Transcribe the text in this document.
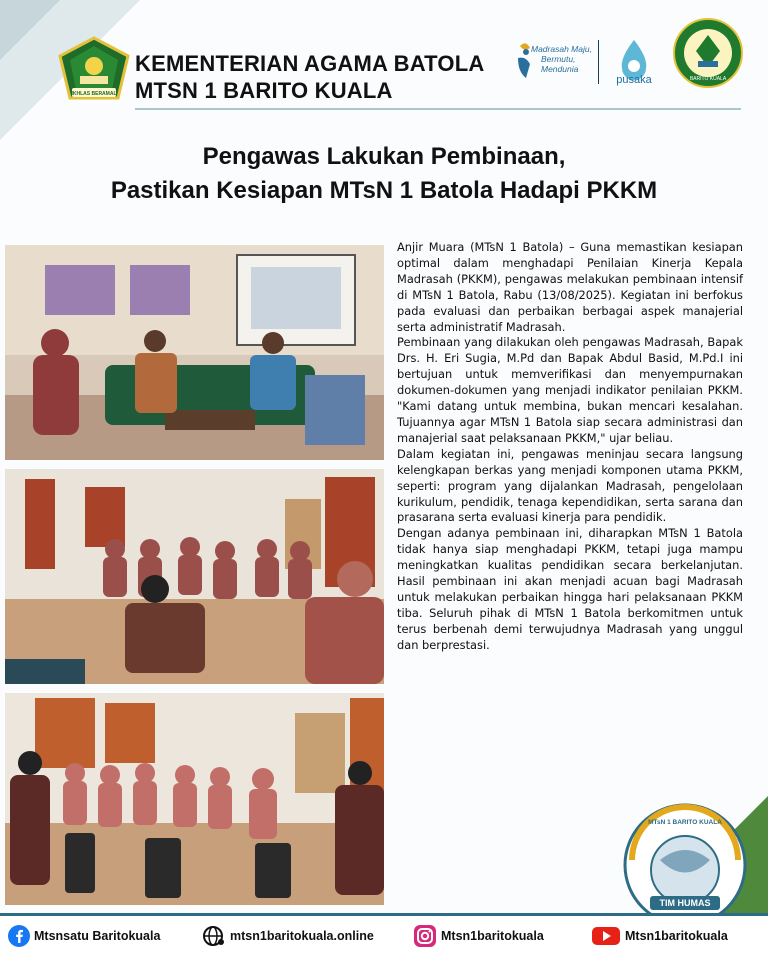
IKHLAS BERAMAL
KEMENTERIAN AGAMA BATOLA
MTSN 1 BARITO KUALA
Madrasah Maju,
Bermutu,
Mendunia
pusaka	BARITO KUALA
Pengawas Lakukan Pembinaan,
Pastikan Kesiapan MTsN 1 Batola Hadapi PKKM

Anjir Muara (MTsN 1 Batola) – Guna memastikan kesiapan optimal dalam menghadapi Penilaian Kinerja Kepala Madrasah (PKKM), pengawas melakukan pembinaan intensif di MTsN 1 Batola, Rabu (13/08/2025). Kegiatan ini berfokus pada evaluasi dan perbaikan berbagai aspek manajerial serta administratif Madrasah.

Pembinaan yang dilakukan oleh pengawas Madrasah, Bapak Drs. H. Eri Sugia, M.Pd dan Bapak Abdul Basid, M.Pd.I ini bertujuan untuk memverifikasi dan menyempurnakan dokumen-dokumen yang menjadi indikator penilaian PKKM. "Kami datang untuk membina, bukan mencari kesalahan. Tujuannya agar MTsN 1 Batola siap secara administrasi dan manajerial saat pelaksanaan PKKM," ujar beliau.

Dalam kegiatan ini, pengawas meninjau secara langsung kelengkapan berkas yang menjadi komponen utama PKKM, seperti: program yang dijalankan Madrasah, pengelolaan kurikulum, pendidik, tenaga kependidikan, serta sarana dan prasarana serta evaluasi kinerja para pendidik.

Dengan adanya pembinaan ini, diharapkan MTsN 1 Batola tidak hanya siap menghadapi PKKM, tetapi juga mampu meningkatkan kualitas pendidikan secara berkelanjutan. Hasil pembinaan ini akan menjadi acuan bagi Madrasah untuk melakukan perbaikan hingga hari pelaksanaan PKKM tiba. Seluruh pihak di MTsN 1 Batola berkomitmen untuk terus berbenah demi terwujudnya Madrasah yang unggul dan berprestasi.

TIM HUMAS
MTsN 1 BARITO KUALA
Mtsnsatu Baritokuala	mtsn1baritokuala.online	Mtsn1baritokuala	Mtsn1baritokuala
